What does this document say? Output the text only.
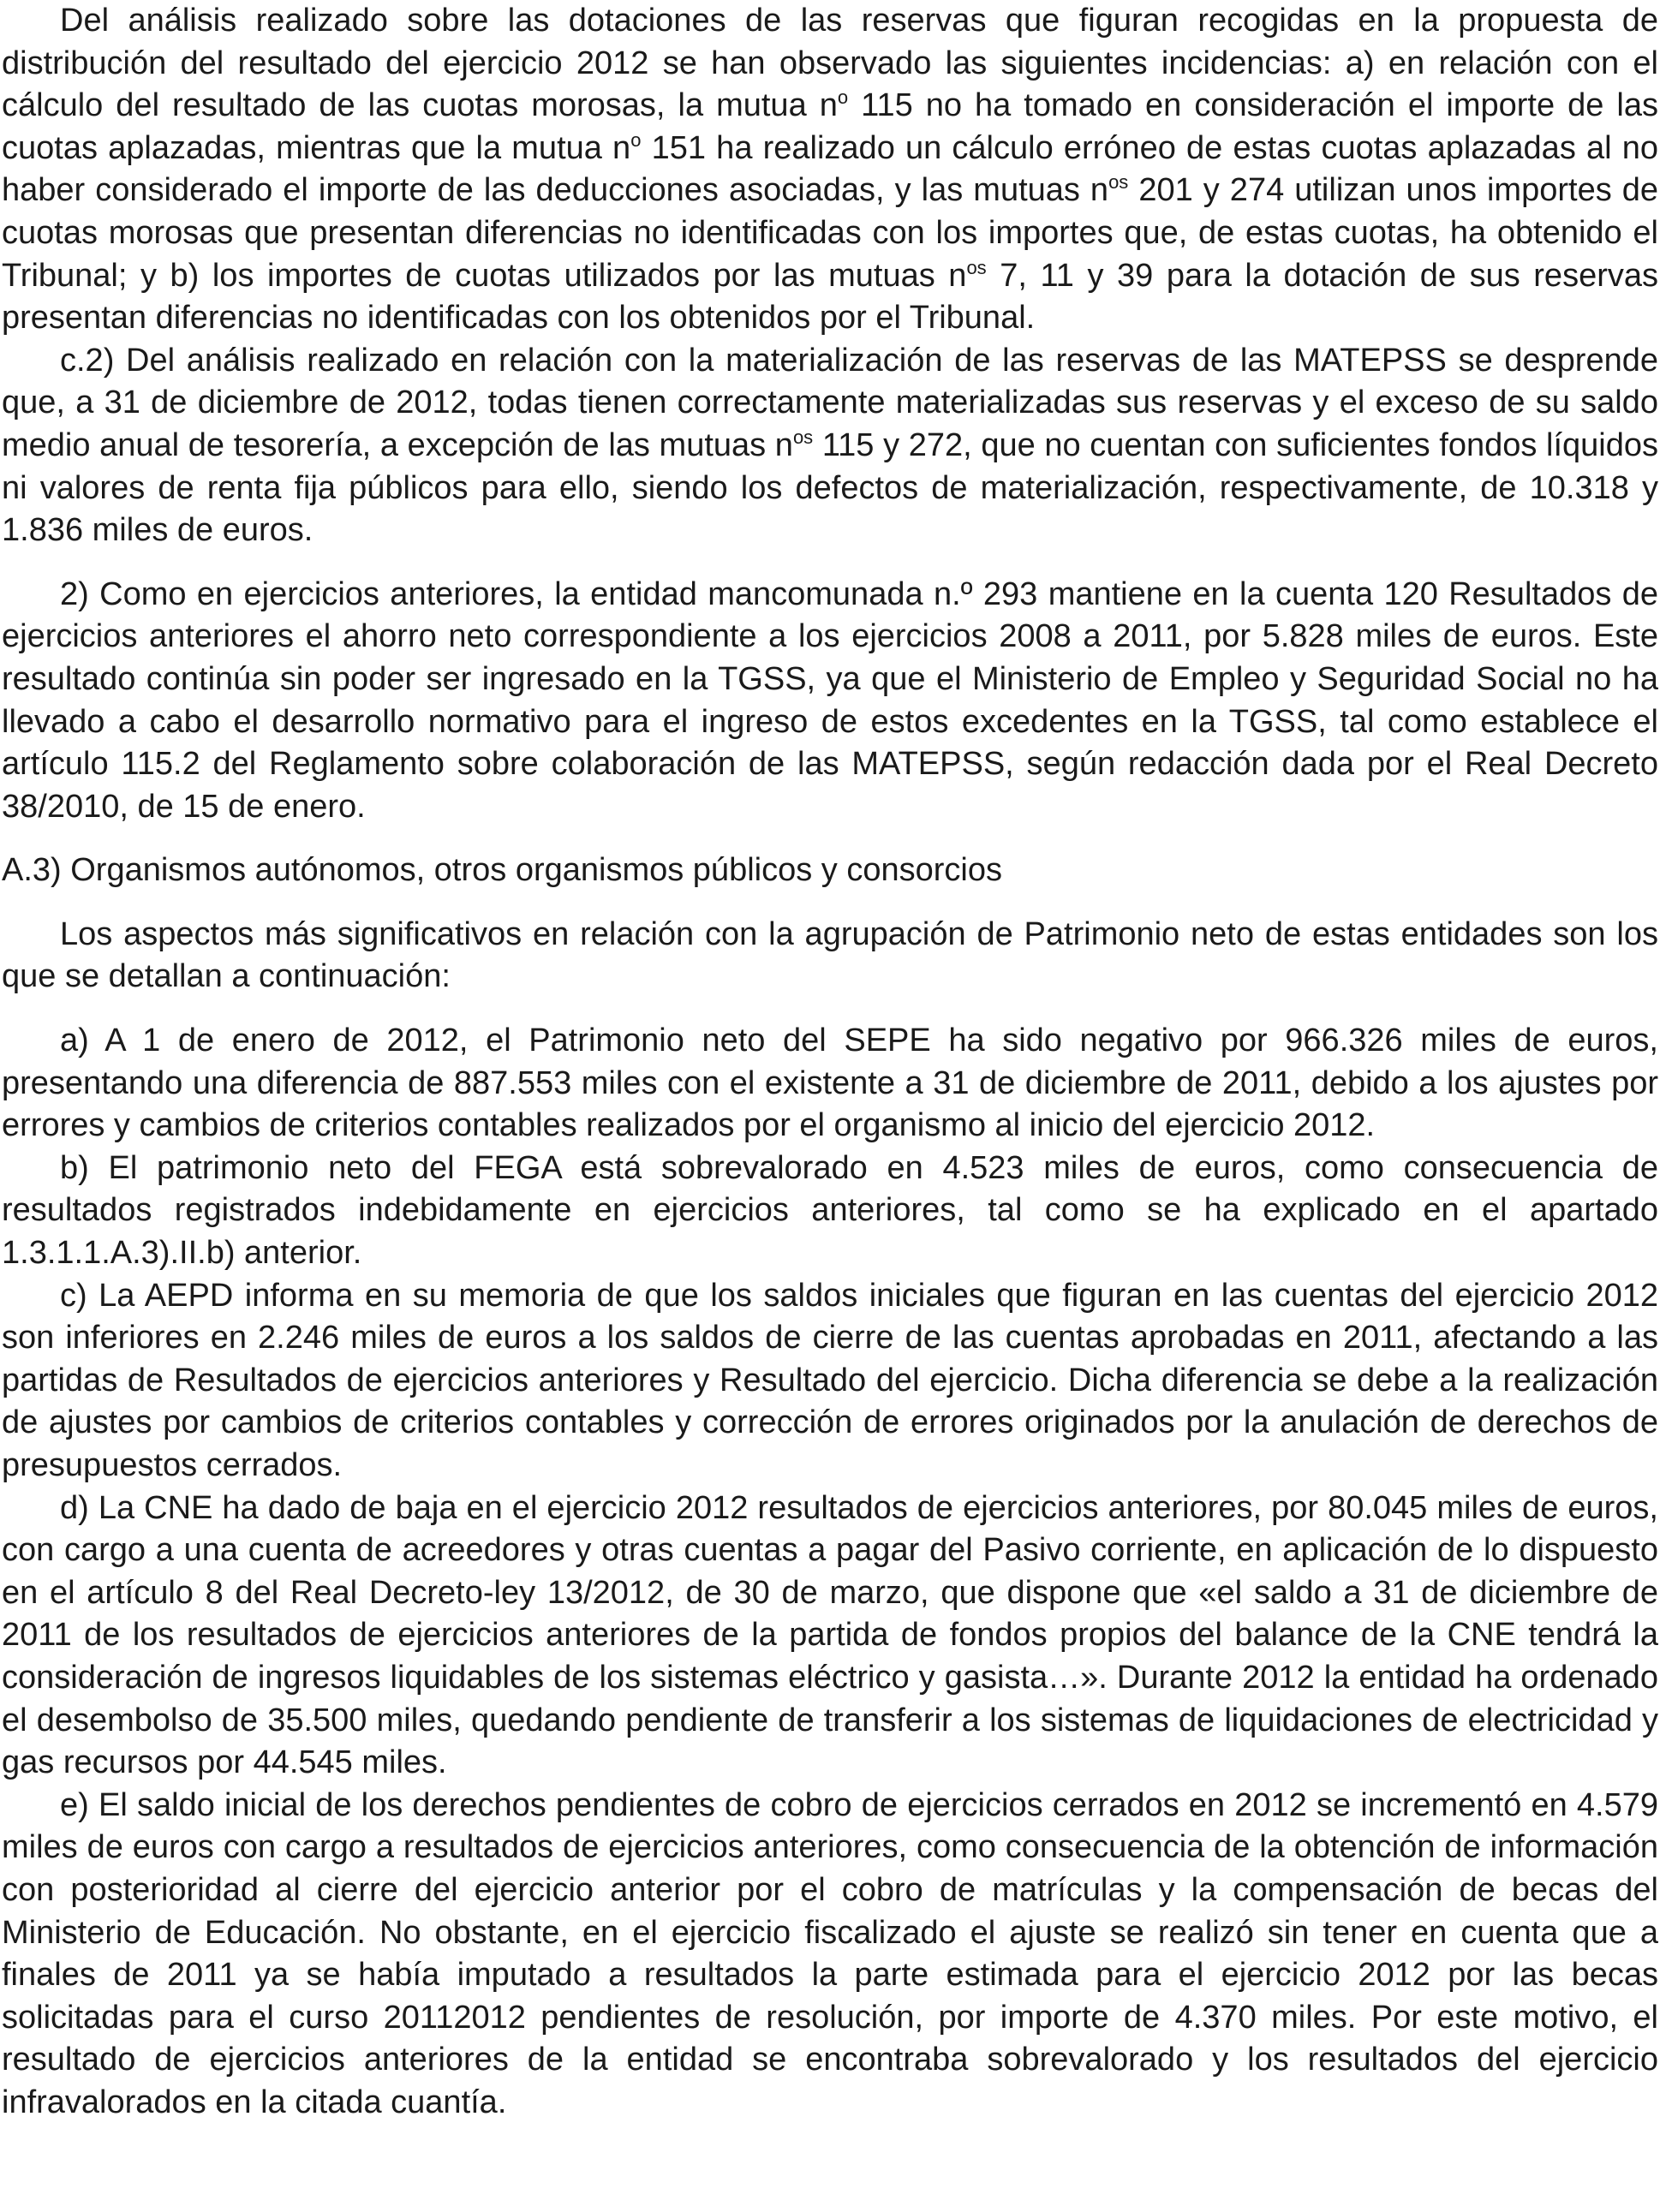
Del análisis realizado sobre las dotaciones de las reservas que figuran recogidas en la propuesta de distribución del resultado del ejercicio 2012 se han observado las siguientes incidencias: a) en relación con el cálculo del resultado de las cuotas morosas, la mutua $n^o$ 115 no ha tomado en consideración el importe de las cuotas aplazadas, mientras que la mutua $n^o$ 151 ha realizado un cálculo erróneo de estas cuotas aplazadas al no haber considerado el importe de las deducciones asociadas, y las mutuas $n^{os}$ 201 y 274 utilizan unos importes de cuotas morosas que presentan diferencias no identificadas con los importes que, de estas cuotas, ha obtenido el Tribunal; y b) los importes de cuotas utilizados por las mutuas $n^{os}$ 7, 11 y 39 para la dotación de sus reservas presentan diferencias no identificadas con los obtenidos por el Tribunal.

c.2) Del análisis realizado en relación con la materialización de las reservas de las MATEPSS se desprende que, a 31 de diciembre de 2012, todas tienen correctamente materializadas sus reservas y el exceso de su saldo medio anual de tesorería, a excepción de las mutuas $n^{os}$ 115 y 272, que no cuentan con suficientes fondos líquidos ni valores de renta fija públicos para ello, siendo los defectos de materialización, respectivamente, de 10.318 y 1.836 miles de euros.

2) Como en ejercicios anteriores, la entidad mancomunada n.º 293 mantiene en la cuenta 120 Resultados de ejercicios anteriores el ahorro neto correspondiente a los ejercicios 2008 a 2011, por 5.828 miles de euros. Este resultado continúa sin poder ser ingresado en la TGSS, ya que el Ministerio de Empleo y Seguridad Social no ha llevado a cabo el desarrollo normativo para el ingreso de estos excedentes en la TGSS, tal como establece el artículo 115.2 del Reglamento sobre colaboración de las MATEPSS, según redacción dada por el Real Decreto 38/2010, de 15 de enero.

A.3) Organismos autónomos, otros organismos públicos y consorcios

Los aspectos más significativos en relación con la agrupación de Patrimonio neto de estas entidades son los que se detallan a continuación:

a) A 1 de enero de 2012, el Patrimonio neto del SEPE ha sido negativo por 966.326 miles de euros, presentando una diferencia de 887.553 miles con el existente a 31 de diciembre de 2011, debido a los ajustes por errores y cambios de criterios contables realizados por el organismo al inicio del ejercicio 2012.

b) El patrimonio neto del FEGA está sobrevalorado en 4.523 miles de euros, como consecuencia de resultados registrados indebidamente en ejercicios anteriores, tal como se ha explicado en el apartado 1.3.1.1.A.3).II.b) anterior.

c) La AEPD informa en su memoria de que los saldos iniciales que figuran en las cuentas del ejercicio 2012 son inferiores en 2.246 miles de euros a los saldos de cierre de las cuentas aprobadas en 2011, afectando a las partidas de Resultados de ejercicios anteriores y Resultado del ejercicio. Dicha diferencia se debe a la realización de ajustes por cambios de criterios contables y corrección de errores originados por la anulación de derechos de presupuestos cerrados.

d) La CNE ha dado de baja en el ejercicio 2012 resultados de ejercicios anteriores, por 80.045 miles de euros, con cargo a una cuenta de acreedores y otras cuentas a pagar del Pasivo corriente, en aplicación de lo dispuesto en el artículo 8 del Real Decreto-ley 13/2012, de 30 de marzo, que dispone que «el saldo a 31 de diciembre de 2011 de los resultados de ejercicios anteriores de la partida de fondos propios del balance de la CNE tendrá la consideración de ingresos liquidables de los sistemas eléctrico y gasista…». Durante 2012 la entidad ha ordenado el desembolso de 35.500 miles, quedando pendiente de transferir a los sistemas de liquidaciones de electricidad y gas recursos por 44.545 miles.

e) El saldo inicial de los derechos pendientes de cobro de ejercicios cerrados en 2012 se incrementó en 4.579 miles de euros con cargo a resultados de ejercicios anteriores, como consecuencia de la obtención de información con posterioridad al cierre del ejercicio anterior por el cobro de matrículas y la compensación de becas del Ministerio de Educación. No obstante, en el ejercicio fiscalizado el ajuste se realizó sin tener en cuenta que a finales de 2011 ya se había imputado a resultados la parte estimada para el ejercicio 2012 por las becas solicitadas para el curso 20112012 pendientes de resolución, por importe de 4.370 miles. Por este motivo, el resultado de ejercicios anteriores de la entidad se encontraba sobrevalorado y los resultados del ejercicio infravalorados en la citada cuantía.
